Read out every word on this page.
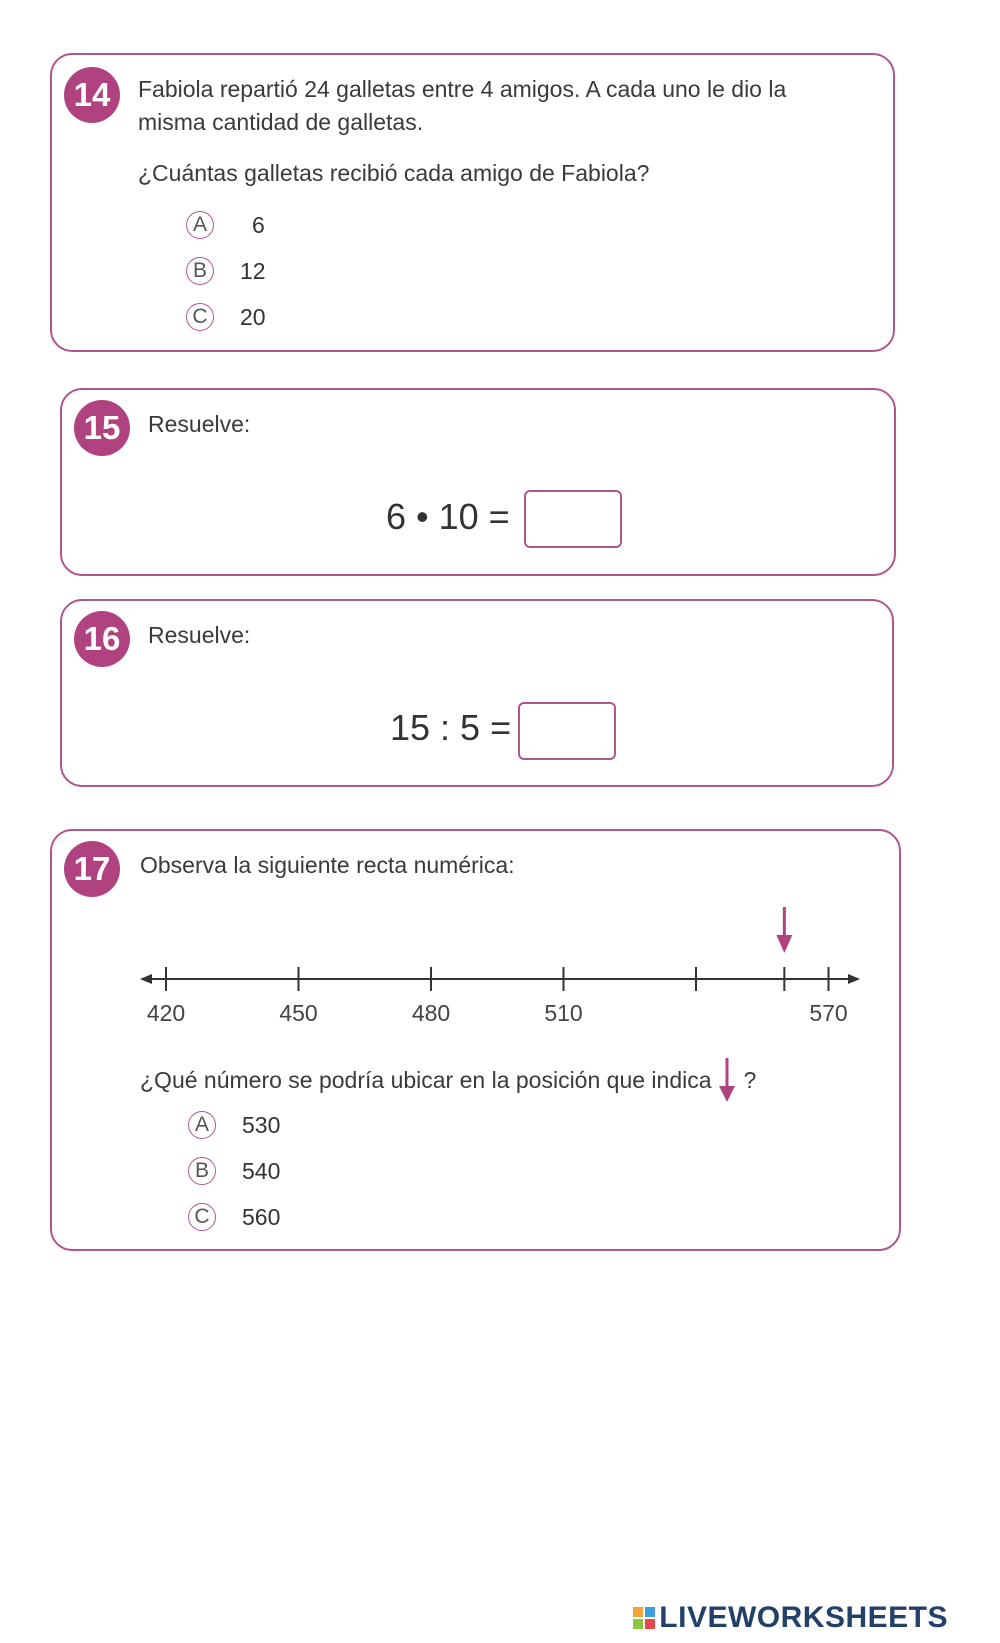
14	Fabiola repartió 24 galletas entre 4 amigos. A cada uno le dio la
misma cantidad de galletas.
¿Cuántas galletas recibió cada amigo de Fabiola?
A	6
B	12
C 20
15	Resuelve:
6 • 10 =
16	Resuelve:
15 : 5 =
17	Observa la siguiente recta numérica:
420	450	480	510	570
¿Qué número se podría ubicar en la posición que indica ?
A	530
B	540
C 560
LIVEWORKSHEETS
